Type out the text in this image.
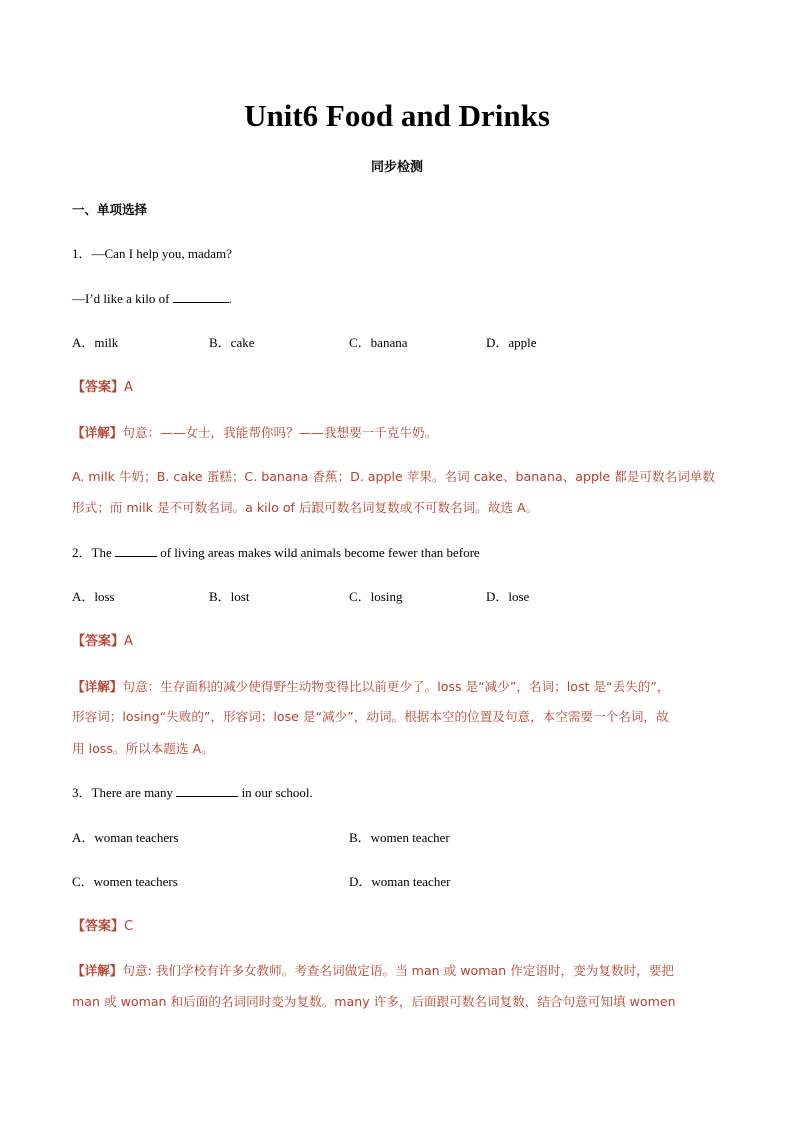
Unit6 Food and Drinks
同步检测
一、单项选择
1．—Can I help you, madam?
—I’d like a kilo of	.
A．milk	B．cake	C．banana	D．apple
【答案】A
【详解】句意：——女士，我能帮你吗？——我想要一千克牛奶。
A. milk 牛奶；B. cake 蛋糕；C. banana 香蕉；D. apple 苹果。名词 cake、banana、apple 都是可数名词单数
形式；而 milk 是不可数名词。a kilo of 后跟可数名词复数或不可数名词。故选 A。
2．The	of living areas makes wild animals become fewer than before
A．loss	B．lost	C．losing	D．lose
【答案】A
【详解】句意：生存面积的减少使得野生动物变得比以前更少了。loss 是“减少”，名词；lost 是“丢失的”，
形容词；losing“失败的”，形容词；lose 是“减少”，动词。根据本空的位置及句意，本空需要一个名词，故
用 loss。所以本题选 A。
3．There are many	in our school.
A．woman teachers	B．women teacher
C．women teachers	D．woman teacher
【答案】C
【详解】句意: 我们学校有许多女教师。考查名词做定语。当 man 或 woman 作定语时，变为复数时，要把
man 或 woman 和后面的名词同时变为复数。many 许多，后面跟可数名词复数，结合句意可知填 women
